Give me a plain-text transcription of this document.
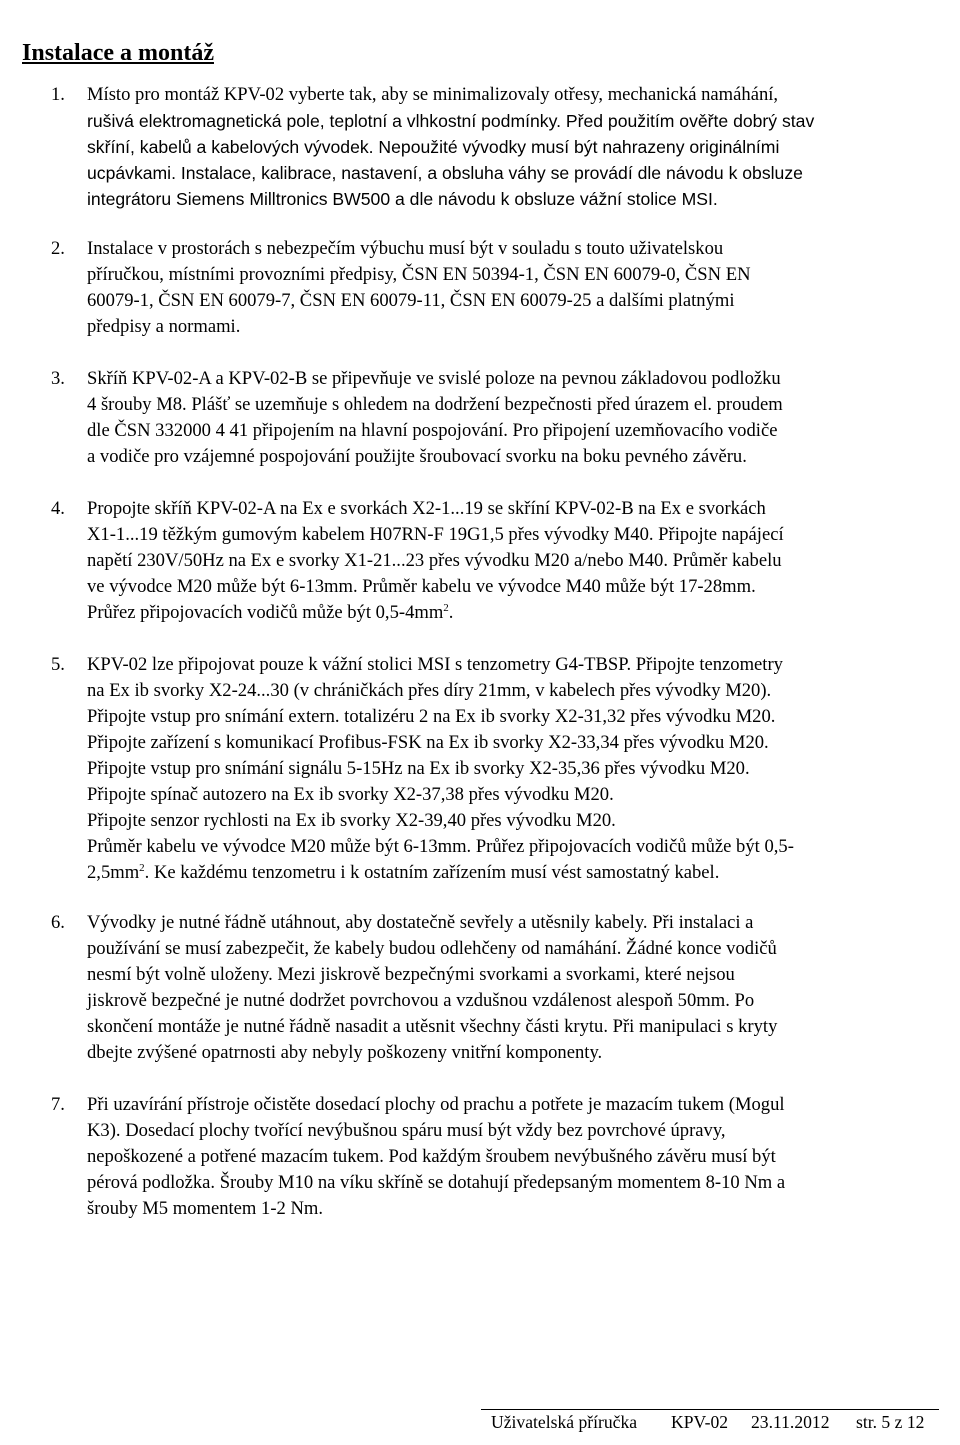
Instalace a montáž
1. Místo pro montáž KPV-02 vyberte tak, aby se minimalizovaly otřesy, mechanická namáhání,
rušivá elektromagnetická pole, teplotní a vlhkostní podmínky. Před použitím ověřte dobrý stav
skříní, kabelů a kabelových vývodek. Nepoužité vývodky musí být nahrazeny originálními
ucpávkami. Instalace, kalibrace, nastavení, a obsluha váhy se provádí dle návodu k obsluze
integrátoru Siemens Milltronics BW500 a dle návodu k obsluze vážní stolice MSI.
2. Instalace v prostorách s nebezpečím výbuchu musí být v souladu s touto uživatelskou
příručkou, místními provozními předpisy, ČSN EN 50394-1, ČSN EN 60079-0, ČSN EN
60079-1, ČSN EN 60079-7, ČSN EN 60079-11, ČSN EN 60079-25 a dalšími platnými
předpisy a normami.
3. Skříň KPV-02-A a KPV-02-B se připevňuje ve svislé poloze na pevnou základovou podložku
4 šrouby M8. Plášť se uzemňuje s ohledem na dodržení bezpečnosti před úrazem el. proudem
dle ČSN 332000 4 41 připojením na hlavní pospojování. Pro připojení uzemňovacího vodiče
a vodiče pro vzájemné pospojování použijte šroubovací svorku na boku pevného závěru.
4. Propojte skříň KPV-02-A na Ex e svorkách X2-1...19 se skříní KPV-02-B na Ex e svorkách
X1-1...19 těžkým gumovým kabelem H07RN-F 19G1,5 přes vývodky M40. Připojte napájecí
napětí 230V/50Hz na Ex e svorky X1-21...23 přes vývodku M20 a/nebo M40. Průměr kabelu
ve vývodce M20 může být 6-13mm. Průměr kabelu ve vývodce M40 může být 17-28mm.
Průřez připojovacích vodičů může být $0,5-4mm^2$.
5. KPV-02 lze připojovat pouze k vážní stolici MSI s tenzometry G4-TBSP. Připojte tenzometry
na Ex ib svorky X2-24...30 (v chráničkách přes díry 21mm, v kabelech přes vývodky M20).
Připojte vstup pro snímání extern. totalizéru 2 na Ex ib svorky X2-31,32 přes vývodku M20.
Připojte zařízení s komunikací Profibus-FSK na Ex ib svorky X2-33,34 přes vývodku M20.
Připojte vstup pro snímání signálu 5-15Hz na Ex ib svorky X2-35,36 přes vývodku M20.
Připojte spínač autozero na Ex ib svorky X2-37,38 přes vývodku M20.
Připojte senzor rychlosti na Ex ib svorky X2-39,40 přes vývodku M20.
Průměr kabelu ve vývodce M20 může být 6-13mm. Průřez připojovacích vodičů může být 0,5-
$2,5mm^2$. Ke každému tenzometru i k ostatním zařízením musí vést samostatný kabel.
6. Vývodky je nutné řádně utáhnout, aby dostatečně sevřely a utěsnily kabely. Při instalaci a
používání se musí zabezpečit, že kabely budou odlehčeny od namáhání. Žádné konce vodičů
nesmí být volně uloženy. Mezi jiskrově bezpečnými svorkami a svorkami, které nejsou
jiskrově bezpečné je nutné dodržet povrchovou a vzdušnou vzdálenost alespoň 50mm. Po
skončení montáže je nutné řádně nasadit a utěsnit všechny části krytu. Při manipulaci s kryty
dbejte zvýšené opatrnosti aby nebyly poškozeny vnitřní komponenty.
7. Při uzavírání přístroje očistěte dosedací plochy od prachu a potřete je mazacím tukem (Mogul
K3). Dosedací plochy tvořící nevýbušnou spáru musí být vždy bez povrchové úpravy,
nepoškozené a potřené mazacím tukem. Pod každým šroubem nevýbušného závěru musí být
pérová podložka. Šrouby M10 na víku skříně se dotahují předepsaným momentem 8-10 Nm a
šrouby M5 momentem 1-2 Nm.
Uživatelská příručka KPV-02 23.11.2012 str. 5 z 12
